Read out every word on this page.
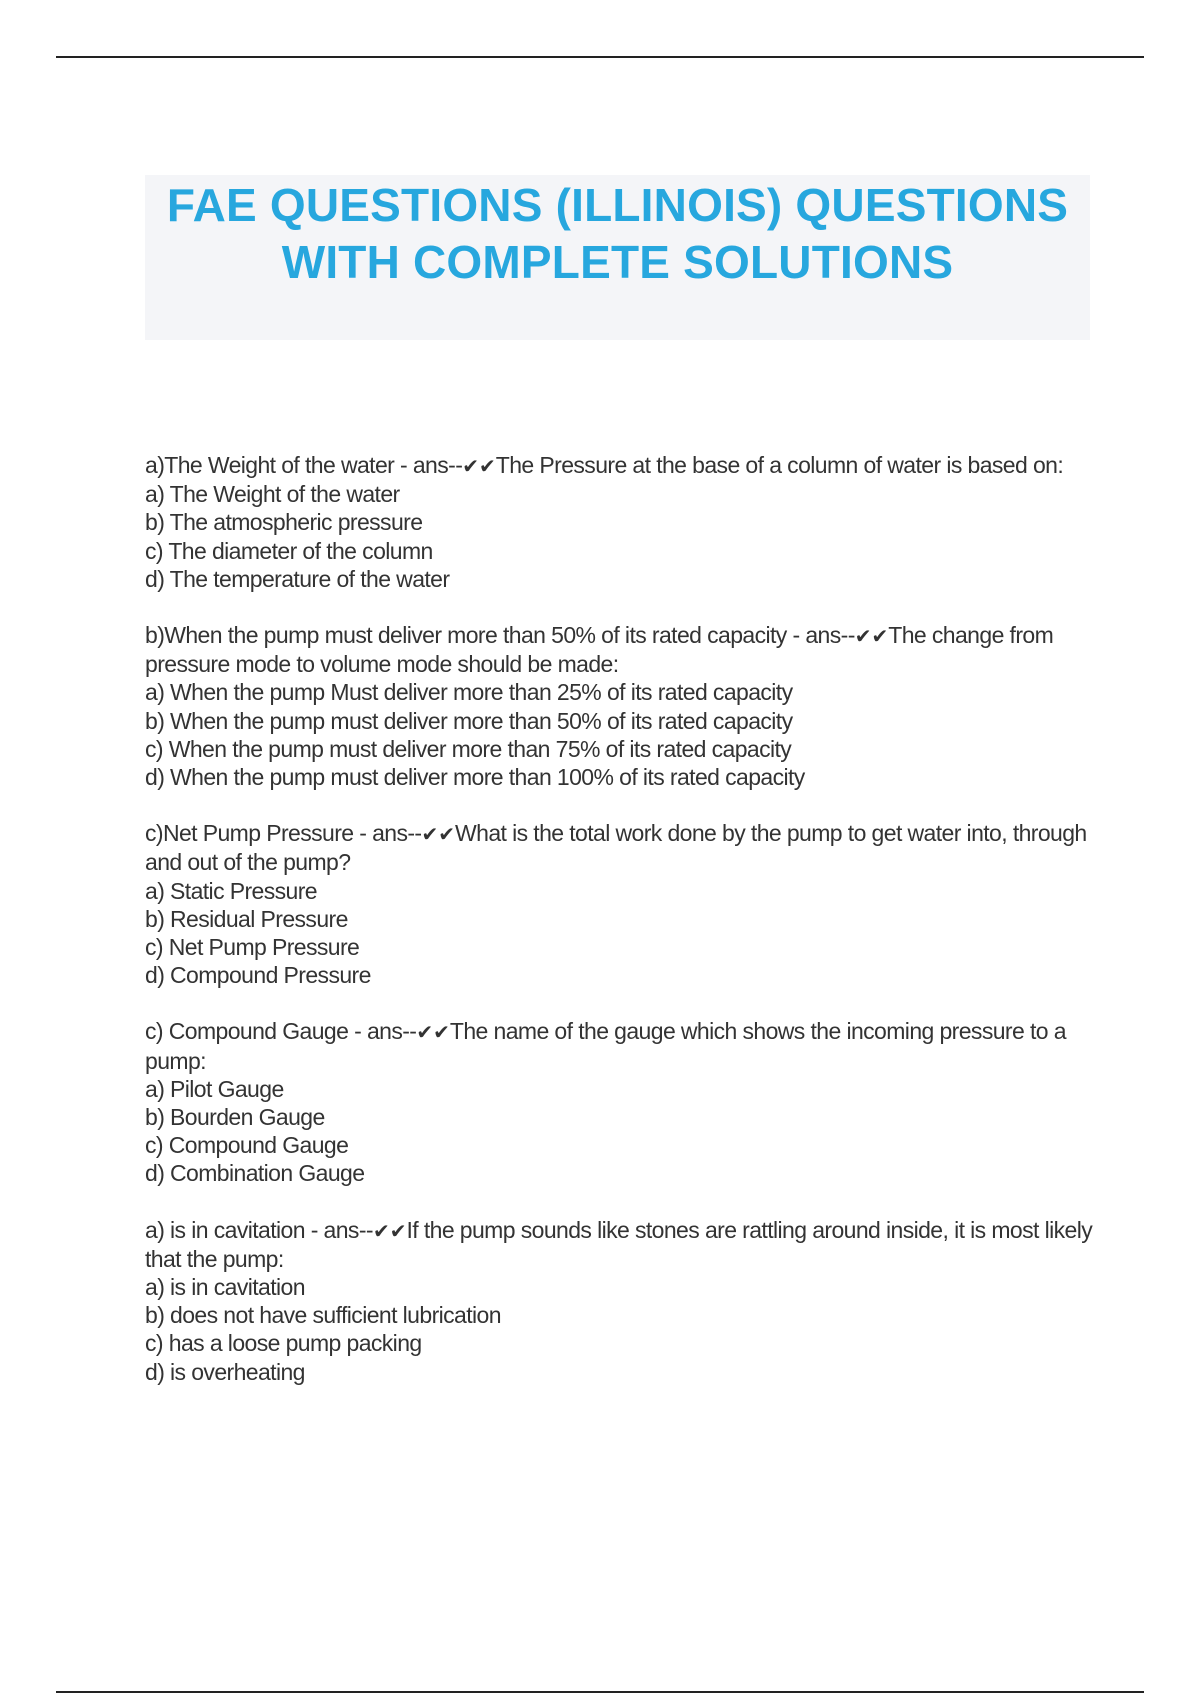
FAE QUESTIONS (ILLINOIS) QUESTIONS
WITH COMPLETE SOLUTIONS

a)The Weight of the water - ans--✔✔The Pressure at the base of a column of water is based on:

a) The Weight of the water

b) The atmospheric pressure

c) The diameter of the column

d) The temperature of the water

b)When the pump must deliver more than 50% of its rated capacity - ans--✔✔The change from pressure mode to volume mode should be made:

a) When the pump Must deliver more than 25% of its rated capacity

b) When the pump must deliver more than 50% of its rated capacity

c) When the pump must deliver more than 75% of its rated capacity

d) When the pump must deliver more than 100% of its rated capacity

c)Net Pump Pressure - ans--✔✔What is the total work done by the pump to get water into, through and out of the pump?

a) Static Pressure

b) Residual Pressure

c) Net Pump Pressure

d) Compound Pressure

c) Compound Gauge - ans--✔✔The name of the gauge which shows the incoming pressure to a pump:

a) Pilot Gauge

b) Bourden Gauge

c) Compound Gauge

d) Combination Gauge

a) is in cavitation - ans--✔✔If the pump sounds like stones are rattling around inside, it is most likely that the pump:

a) is in cavitation

b) does not have sufficient lubrication

c) has a loose pump packing

d) is overheating
